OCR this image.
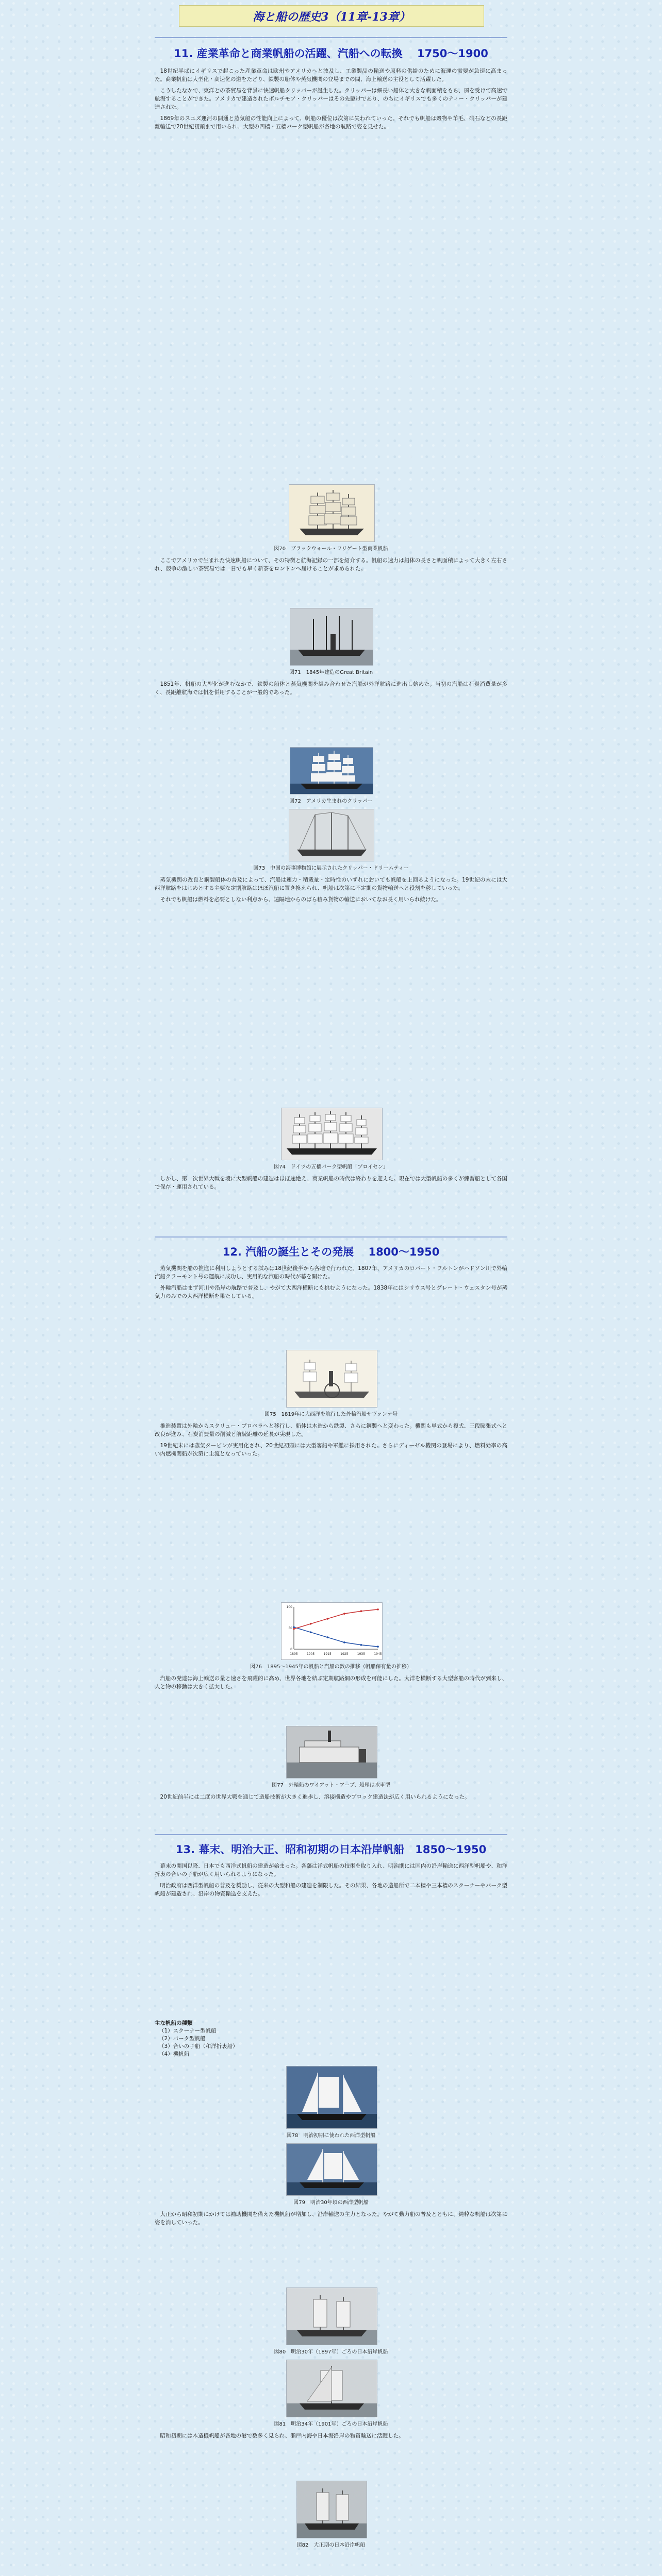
海と船の歴史3（11章-13章）
11. 産業革命と商業帆船の活躍、汽船への転換　 1750～1900

18世紀半ばにイギリスで起こった産業革命は欧州やアメリカへと波及し、工業製品の輸送や原料の供給のために海運の需要が急速に高まった。商業帆船は大型化・高速化の道をたどり、鉄製の船体や蒸気機関の登場までの間、海上輸送の主役として活躍した。

こうしたなかで、東洋との茶貿易を背景に快速帆船クリッパーが誕生した。クリッパーは細長い船体と大きな帆面積をもち、風を受けて高速で航海することができた。アメリカで建造されたボルチモア・クリッパーはその先駆けであり、のちにイギリスでも多くのティー・クリッパーが建造された。

1869年のスエズ運河の開通と蒸気船の性能向上によって、帆船の優位は次第に失われていった。それでも帆船は穀物や羊毛、硝石などの長距離輸送で20世紀初頭まで用いられ、大型の四檣・五檣バーク型帆船が各地の航路で姿を見せた。

図70　ブラックウォール・フリゲート型商業帆船

ここでアメリカで生まれた快速帆船について、その特徴と航海記録の一部を紹介する。帆船の速力は船体の長さと帆面積によって大きく左右され、競争の激しい茶貿易では一日でも早く新茶をロンドンへ届けることが求められた。

図71　1845年建造のGreat Britain

1851年、帆船の大型化が進むなかで、鉄製の船体と蒸気機関を組み合わせた汽船が外洋航路に進出し始めた。当初の汽船は石炭消費量が多く、長距離航海では帆を併用することが一般的であった。

図72　アメリカ生まれのクリッパー
図73　中国の海事博物館に展示されたクリッパー・ドリームティー

蒸気機関の改良と鋼製船体の普及によって、汽船は速力・積載量・定時性のいずれにおいても帆船を上回るようになった。19世紀の末には大西洋航路をはじめとする主要な定期航路はほぼ汽船に置き換えられ、帆船は次第に不定期の貨物輸送へと役割を移していった。

それでも帆船は燃料を必要としない利点から、遠隔地からのばら積み貨物の輸送においてなお長く用いられ続けた。

図74　ドイツの五檣バーク型帆船「プロイセン」

しかし、第一次世界大戦を境に大型帆船の建造はほぼ途絶え、商業帆船の時代は終わりを迎えた。現在では大型帆船の多くが練習船として各国で保存・運用されている。

12. 汽船の誕生とその発展　 1800～1950

蒸気機関を船の推進に利用しようとする試みは18世紀後半から各地で行われた。1807年、アメリカのロバート・フルトンがハドソン川で外輪汽船クラーモント号の運航に成功し、実用的な汽船の時代が幕を開けた。

外輪汽船はまず河川や沿岸の航路で普及し、やがて大西洋横断にも挑むようになった。1838年にはシリウス号とグレート・ウェスタン号が蒸気力のみでの大西洋横断を果たしている。

図75　1819年に大西洋を航行した外輪汽船サヴァンナ号

推進装置は外輪からスクリュー・プロペラへと移行し、船体は木造から鉄製、さらに鋼製へと変わった。機関も単式から複式、三段膨張式へと改良が進み、石炭消費量の削減と航続距離の延長が実現した。

19世紀末には蒸気タービンが実用化され、20世紀初頭には大型客船や軍艦に採用された。さらにディーゼル機関の登場により、燃料効率の高い内燃機関船が次第に主流となっていった。

1895	1905	1915	1925	1935	1945
0
50
100
図76　1895～1945年の帆船と汽船の数の推移（帆船保有量の推移）

汽船の発達は海上輸送の量と速さを飛躍的に高め、世界各地を結ぶ定期航路網の形成を可能にした。大洋を横断する大型客船の時代が到来し、人と物の移動は大きく拡大した。

図77　外輪船のワイアット・アープ、船尾は水車型

20世紀前半には二度の世界大戦を通じて造船技術が大きく進歩し、溶接構造やブロック建造法が広く用いられるようになった。

13. 幕末、明治大正、昭和初期の日本沿岸帆船　1850～1950

幕末の開国以降、日本でも西洋式帆船の建造が始まった。各藩は洋式帆船の技術を取り入れ、明治期には国内の沿岸輸送に西洋型帆船や、和洋折衷の合いの子船が広く用いられるようになった。

明治政府は西洋型帆船の普及を奨励し、従来の大型和船の建造を制限した。その結果、各地の造船所で二本檣や三本檣のスクーナーやバーク型帆船が建造され、沿岸の物資輸送を支えた。

主な帆船の種類
（1）スクーナー型帆船
（2）バーク型帆船
（3）合いの子船（和洋折衷船）
（4）機帆船
図78　明治初期に使われた西洋型帆船
図79　明治30年頃の西洋型帆船

大正から昭和初期にかけては補助機関を備えた機帆船が増加し、沿岸輸送の主力となった。やがて動力船の普及とともに、純粋な帆船は次第に姿を消していった。

図80　明治30年（1897年）ごろの日本沿岸帆船
図81　明治34年（1901年）ごろの日本沿岸帆船

昭和初期には木造機帆船が各地の港で数多く見られ、瀬戸内海や日本海沿岸の物資輸送に活躍した。

図82　大正期の日本沿岸帆船
